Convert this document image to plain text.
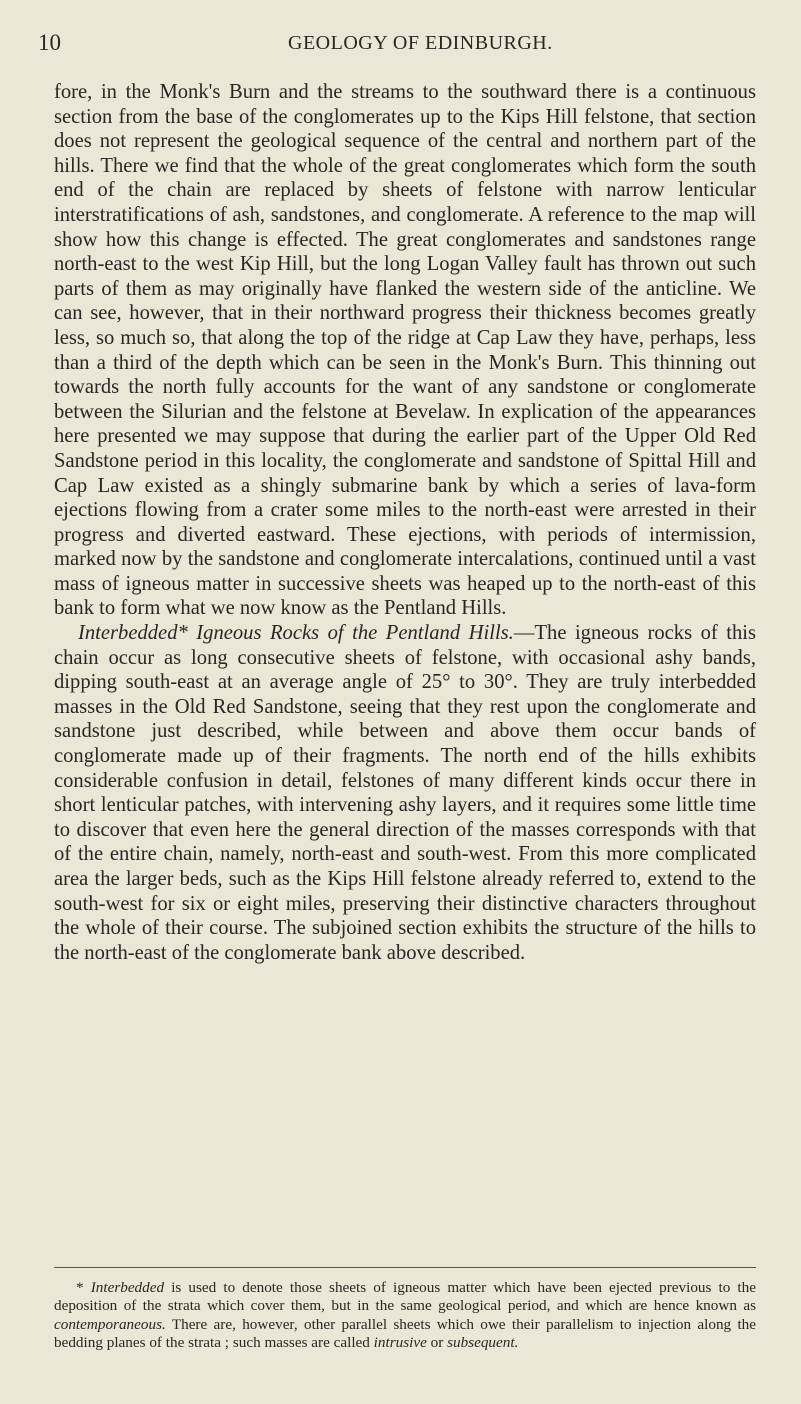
10	GEOLOGY OF EDINBURGH.

fore, in the Monk's Burn and the streams to the southward there is a continuous section from the base of the conglomerates up to the Kips Hill felstone, that section does not represent the geological sequence of the central and northern part of the hills. There we find that the whole of the great conglomerates which form the south end of the chain are replaced by sheets of felstone with narrow lenticular interstratifications of ash, sandstones, and conglomerate. A reference to the map will show how this change is effected. The great conglomerates and sandstones range north-east to the west Kip Hill, but the long Logan Valley fault has thrown out such parts of them as may originally have flanked the western side of the anticline. We can see, however, that in their northward progress their thickness becomes greatly less, so much so, that along the top of the ridge at Cap Law they have, perhaps, less than a third of the depth which can be seen in the Monk's Burn. This thinning out towards the north fully accounts for the want of any sandstone or conglomerate between the Silurian and the felstone at Bevelaw. In explication of the appearances here presented we may suppose that during the earlier part of the Upper Old Red Sandstone period in this locality, the conglomerate and sandstone of Spittal Hill and Cap Law existed as a shingly submarine bank by which a series of lava-form ejections flowing from a crater some miles to the north-east were arrested in their progress and diverted eastward. These ejections, with periods of intermission, marked now by the sandstone and conglomerate intercalations, continued until a vast mass of igneous matter in successive sheets was heaped up to the north-east of this bank to form what we now know as the Pentland Hills.

Interbedded* Igneous Rocks of the Pentland Hills.—The igneous rocks of this chain occur as long consecutive sheets of felstone, with occasional ashy bands, dipping south-east at an average angle of 25° to 30°. They are truly interbedded masses in the Old Red Sandstone, seeing that they rest upon the conglomerate and sandstone just described, while between and above them occur bands of conglomerate made up of their fragments. The north end of the hills exhibits considerable confusion in detail, felstones of many different kinds occur there in short lenticular patches, with intervening ashy layers, and it requires some little time to discover that even here the general direction of the masses corresponds with that of the entire chain, namely, north-east and south-west. From this more complicated area the larger beds, such as the Kips Hill felstone already referred to, extend to the south-west for six or eight miles, preserving their distinctive characters throughout the whole of their course. The subjoined section exhibits the structure of the hills to the north-east of the conglomerate bank above described.

* Interbedded is used to denote those sheets of igneous matter which have been ejected previous to the deposition of the strata which cover them, but in the same geological period, and which are hence known as contemporaneous. There are, however, other parallel sheets which owe their parallelism to injection along the bedding planes of the strata ; such masses are called intrusive or subsequent.
